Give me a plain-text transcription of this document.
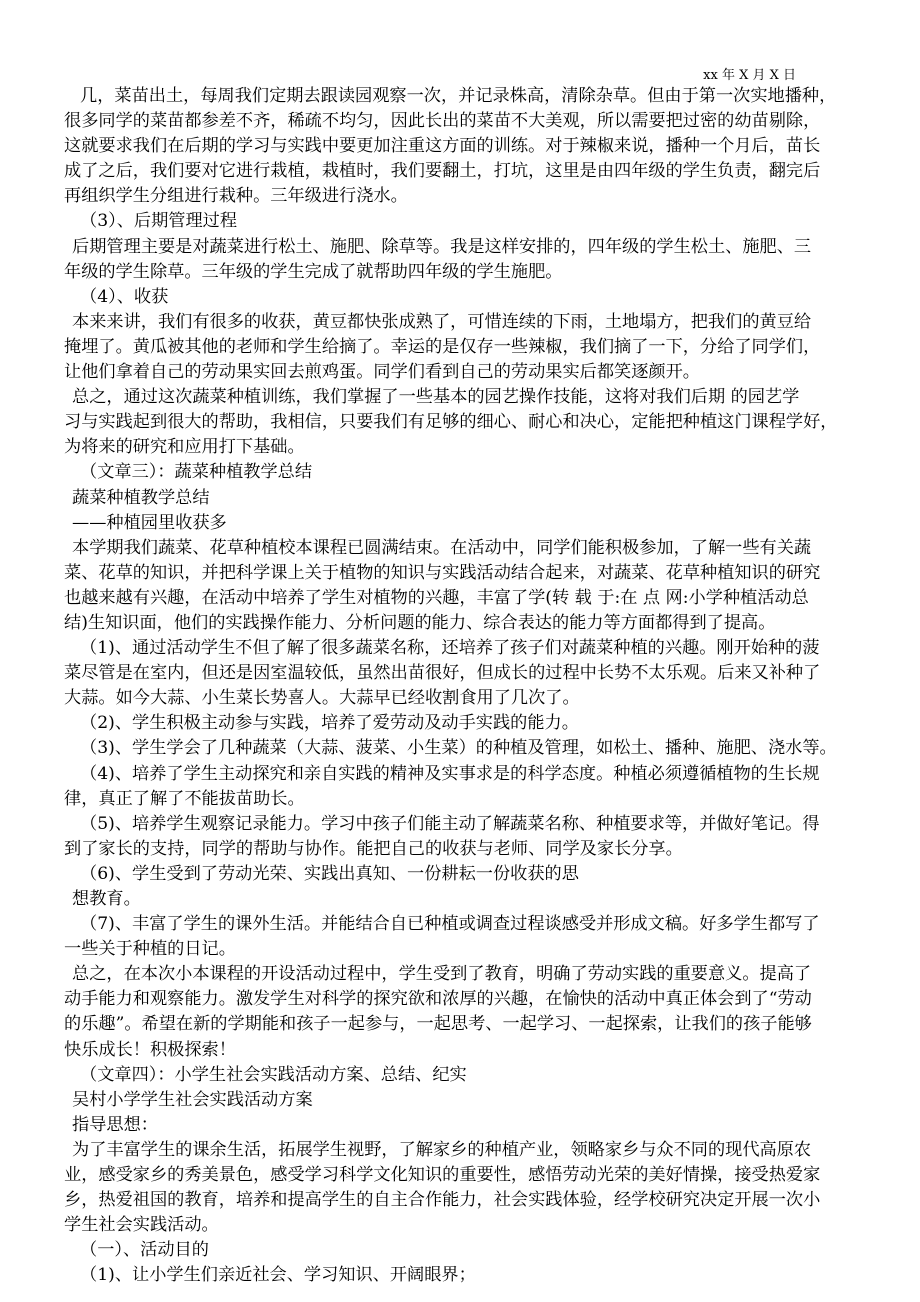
xx 年 X 月 X 日
几，菜苗出土，每周我们定期去跟读园观察一次，并记录株高，清除杂草。但由于第一次实地播种，
很多同学的菜苗都参差不齐，稀疏不均匀，因此长出的菜苗不大美观，所以需要把过密的幼苗剔除，
这就要求我们在后期的学习与实践中要更加注重这方面的训练。对于辣椒来说，播种一个月后，苗长
成了之后，我们要对它进行栽植，栽植时，我们要翻土，打坑，这里是由四年级的学生负责，翻完后
再组织学生分组进行栽种。三年级进行浇水。
（3）、后期管理过程
后期管理主要是对蔬菜进行松土、施肥、除草等。我是这样安排的，四年级的学生松土、施肥、三
年级的学生除草。三年级的学生完成了就帮助四年级的学生施肥。
（4）、收获
本来来讲，我们有很多的收获，黄豆都快张成熟了，可惜连续的下雨，土地塌方，把我们的黄豆给
掩埋了。黄瓜被其他的老师和学生给摘了。幸运的是仅存一些辣椒，我们摘了一下，分给了同学们，
让他们拿着自己的劳动果实回去煎鸡蛋。同学们看到自己的劳动果实后都笑逐颜开。
总之，通过这次蔬菜种植训练，我们掌握了一些基本的园艺操作技能，这将对我们后期 的园艺学
习与实践起到很大的帮助，我相信，只要我们有足够的细心、耐心和决心，定能把种植这门课程学好，
为将来的研究和应用打下基础。
（文章三）：蔬菜种植教学总结
蔬菜种植教学总结
——种植园里收获多
本学期我们蔬菜、花草种植校本课程已圆满结束。在活动中，同学们能积极参加，了解一些有关蔬
菜、花草的知识，并把科学课上关于植物的知识与实践活动结合起来，对蔬菜、花草种植知识的研究
也越来越有兴趣，在活动中培养了学生对植物的兴趣，丰富了学(转 载 于:在 点 网:小学种植活动总
结)生知识面，他们的实践操作能力、分析问题的能力、综合表达的能力等方面都得到了提高。
（1)、通过活动学生不但了解了很多蔬菜名称，还培养了孩子们对蔬菜种植的兴趣。刚开始种的菠
菜尽管是在室内，但还是因室温较低，虽然出苗很好，但成长的过程中长势不太乐观。后来又补种了
大蒜。如今大蒜、小生菜长势喜人。大蒜早已经收割食用了几次了。
（2)、学生积极主动参与实践，培养了爱劳动及动手实践的能力。
（3)、学生学会了几种蔬菜（大蒜、菠菜、小生菜）的种植及管理，如松土、播种、施肥、浇水等。
（4)、培养了学生主动探究和亲自实践的精神及实事求是的科学态度。种植必须遵循植物的生长规
律，真正了解了不能拔苗助长。
（5)、培养学生观察记录能力。学习中孩子们能主动了解蔬菜名称、种植要求等，并做好笔记。得
到了家长的支持，同学的帮助与协作。能把自己的收获与老师、同学及家长分享。
（6)、学生受到了劳动光荣、实践出真知、一份耕耘一份收获的思
想教育。
（7)、丰富了学生的课外生活。并能结合自已种植或调查过程谈感受并形成文稿。好多学生都写了
一些关于种植的日记。
总之，在本次小本课程的开设活动过程中，学生受到了教育，明确了劳动实践的重要意义。提高了
动手能力和观察能力。激发学生对科学的探究欲和浓厚的兴趣，在愉快的活动中真正体会到了“劳动
的乐趣”。希望在新的学期能和孩子一起参与，一起思考、一起学习、一起探索，让我们的孩子能够
快乐成长！积极探索！
（文章四）：小学生社会实践活动方案、总结、纪实
吴村小学学生社会实践活动方案
指导思想：
为了丰富学生的课余生活，拓展学生视野，了解家乡的种植产业，领略家乡与众不同的现代高原农
业，感受家乡的秀美景色，感受学习科学文化知识的重要性，感悟劳动光荣的美好情操，接受热爱家
乡，热爱祖国的教育，培养和提高学生的自主合作能力，社会实践体验，经学校研究决定开展一次小
学生社会实践活动。
（一）、活动目的
（1)、让小学生们亲近社会、学习知识、开阔眼界；
